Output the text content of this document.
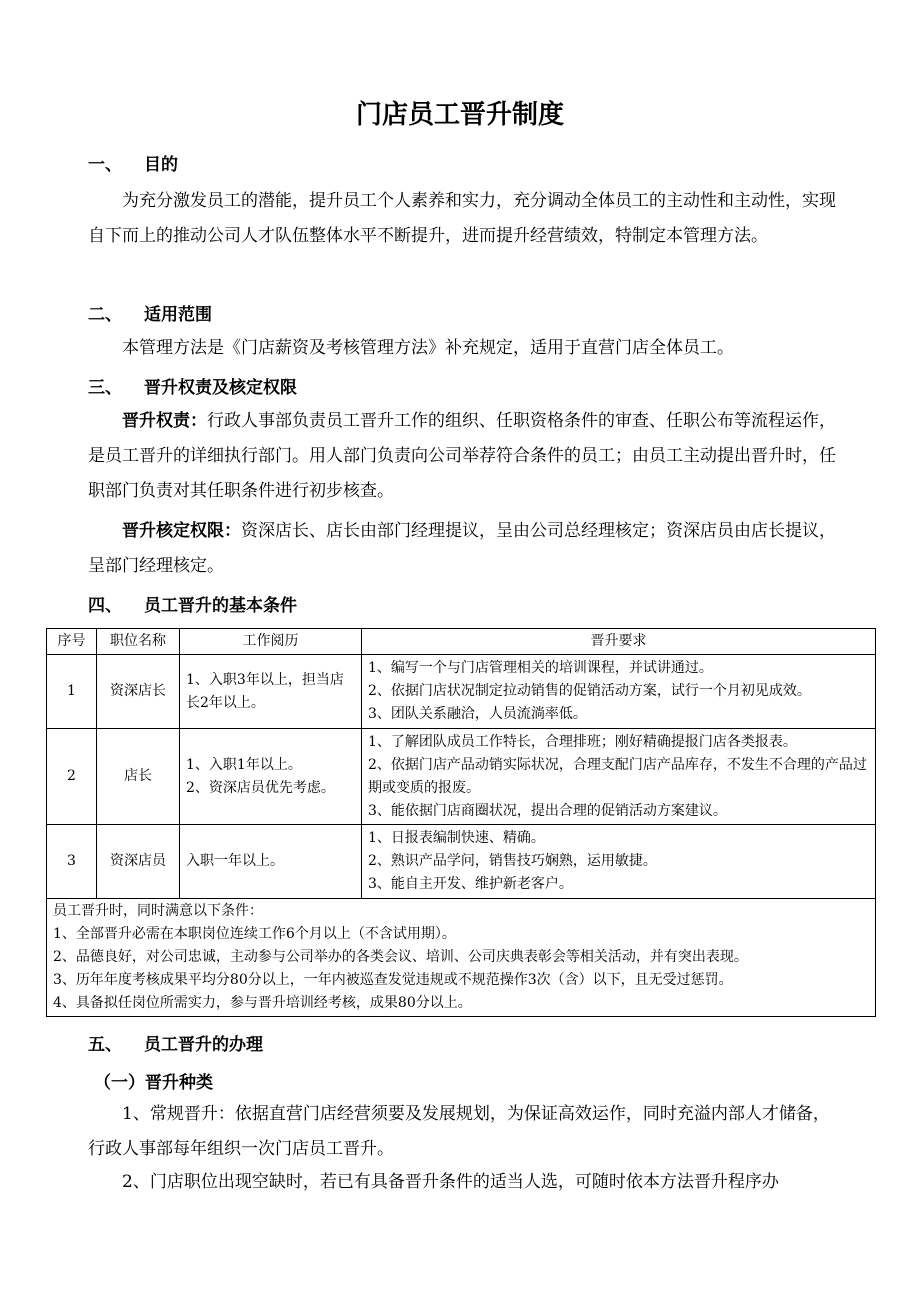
门店员工晋升制度
一、 目的
为充分激发员工的潜能，提升员工个人素养和实力，充分调动全体员工的主动性和主动性，实现自下而上的推动公司人才队伍整体水平不断提升，进而提升经营绩效，特制定本管理方法。
二、 适用范围
本管理方法是《门店薪资及考核管理方法》补充规定，适用于直营门店全体员工。
三、 晋升权责及核定权限
晋升权责：行政人事部负责员工晋升工作的组织、任职资格条件的审查、任职公布等流程运作，是员工晋升的详细执行部门。用人部门负责向公司举荐符合条件的员工；由员工主动提出晋升时，任职部门负责对其任职条件进行初步核查。
晋升核定权限：资深店长、店长由部门经理提议，呈由公司总经理核定；资深店员由店长提议，呈部门经理核定。
四、 员工晋升的基本条件
序号	职位名称	工作阅历	晋升要求
1	资深店长	1、入职3年以上，担当店长2年以上。	1、编写一个与门店管理相关的培训课程，并试讲通过。
2、依据门店状况制定拉动销售的促销活动方案，试行一个月初见成效。
3、团队关系融洽，人员流淌率低。

2	店长	1、入职1年以上。
2、资深店员优先考虑。	1、了解团队成员工作特长，合理排班；刚好精确提报门店各类报表。
2、依据门店产品动销实际状况，合理支配门店产品库存，不发生不合理的产品过期或变质的报废。
3、能依据门店商圈状况，提出合理的促销活动方案建议。

3	资深店员	入职一年以上。	1、日报表编制快速、精确。
2、熟识产品学问，销售技巧娴熟，运用敏捷。
3、能自主开发、维护新老客户。

员工晋升时，同时满意以下条件：
1、全部晋升必需在本职岗位连续工作6个月以上（不含试用期）。
2、品德良好，对公司忠诚，主动参与公司举办的各类会议、培训、公司庆典表彰会等相关活动，并有突出表现。
3、历年年度考核成果平均分80分以上，一年内被巡查发觉违规或不规范操作3次（含）以下，且无受过惩罚。
4、具备拟任岗位所需实力，参与晋升培训经考核，成果80分以上。			
五、 员工晋升的办理
（一）晋升种类
1、常规晋升：依据直营门店经营须要及发展规划，为保证高效运作，同时充溢内部人才储备，行政人事部每年组织一次门店员工晋升。
2、门店职位出现空缺时，若已有具备晋升条件的适当人选，可随时依本方法晋升程序办
